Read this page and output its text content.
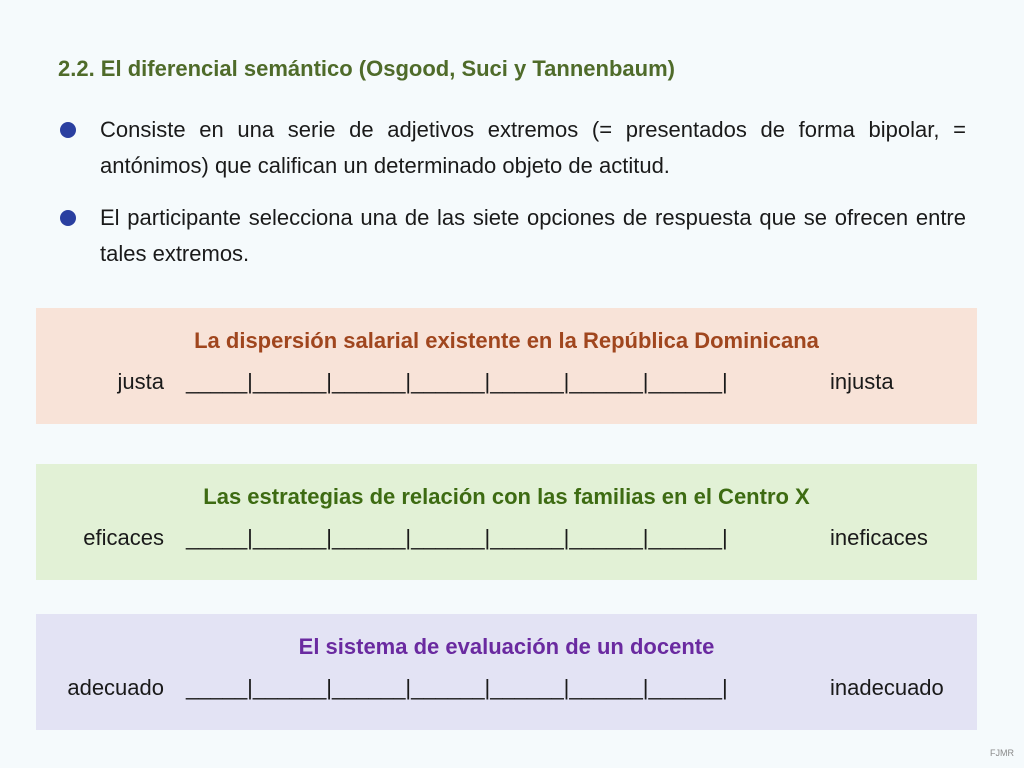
2.2. El diferencial semántico (Osgood, Suci y Tannenbaum)
Consiste en una serie de adjetivos extremos (= presentados de forma bipolar, = antónimos) que califican un determinado objeto de actitud.
El participante selecciona una de las siete opciones de respuesta que se ofrecen entre tales extremos.
La dispersión salarial existente en la República Dominicana
justa _____|______|______|______|______|______|______|	injusta
Las estrategias de relación con las familias en el Centro X
eficaces _____|______|______|______|______|______|______|	ineficaces
El sistema de evaluación de un docente
adecuado _____|______|______|______|______|______|______|	inadecuado
FJMR
